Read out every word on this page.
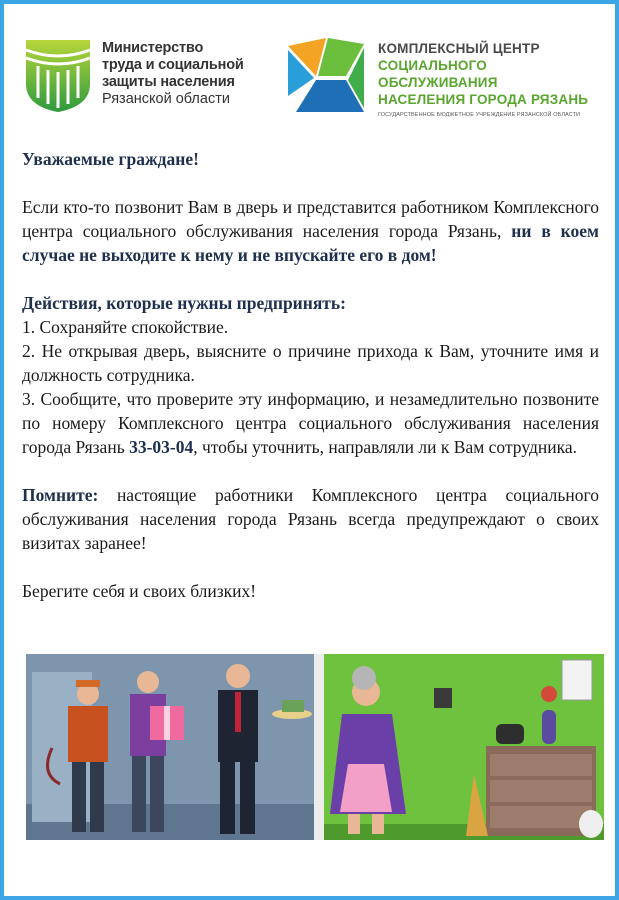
Министерство
труда и социальной
защиты населения
Рязанской области
КОМПЛЕКСНЫЙ ЦЕНТР
СОЦИАЛЬНОГО ОБСЛУЖИВАНИЯ
НАСЕЛЕНИЯ ГОРОДА РЯЗАНЬ
ГОСУДАРСТВЕННОЕ БЮДЖЕТНОЕ УЧРЕЖДЕНИЕ РЯЗАНСКОЙ ОБЛАСТИ

Уважаемые граждане!

Если кто-то позвонит Вам в дверь и представится работником Комплексного центра социального обслуживания населения города Рязань, ни в коем случае не выходите к нему и не впускайте его в дом!

Действия, которые нужны предпринять:

1. Сохраняйте спокойствие.

2. Не открывая дверь, выясните о причине прихода к Вам, уточните имя и должность сотрудника.

3. Сообщите, что проверите эту информацию, и незамедлительно позвоните по номеру Комплексного центра социального обслуживания населения города Рязань 33-03-04, чтобы уточнить, направляли ли к Вам сотрудника.

Помните: настоящие работники Комплексного центра социального обслуживания населения города Рязань всегда предупреждают о своих визитах заранее!

Берегите себя и своих близких!
